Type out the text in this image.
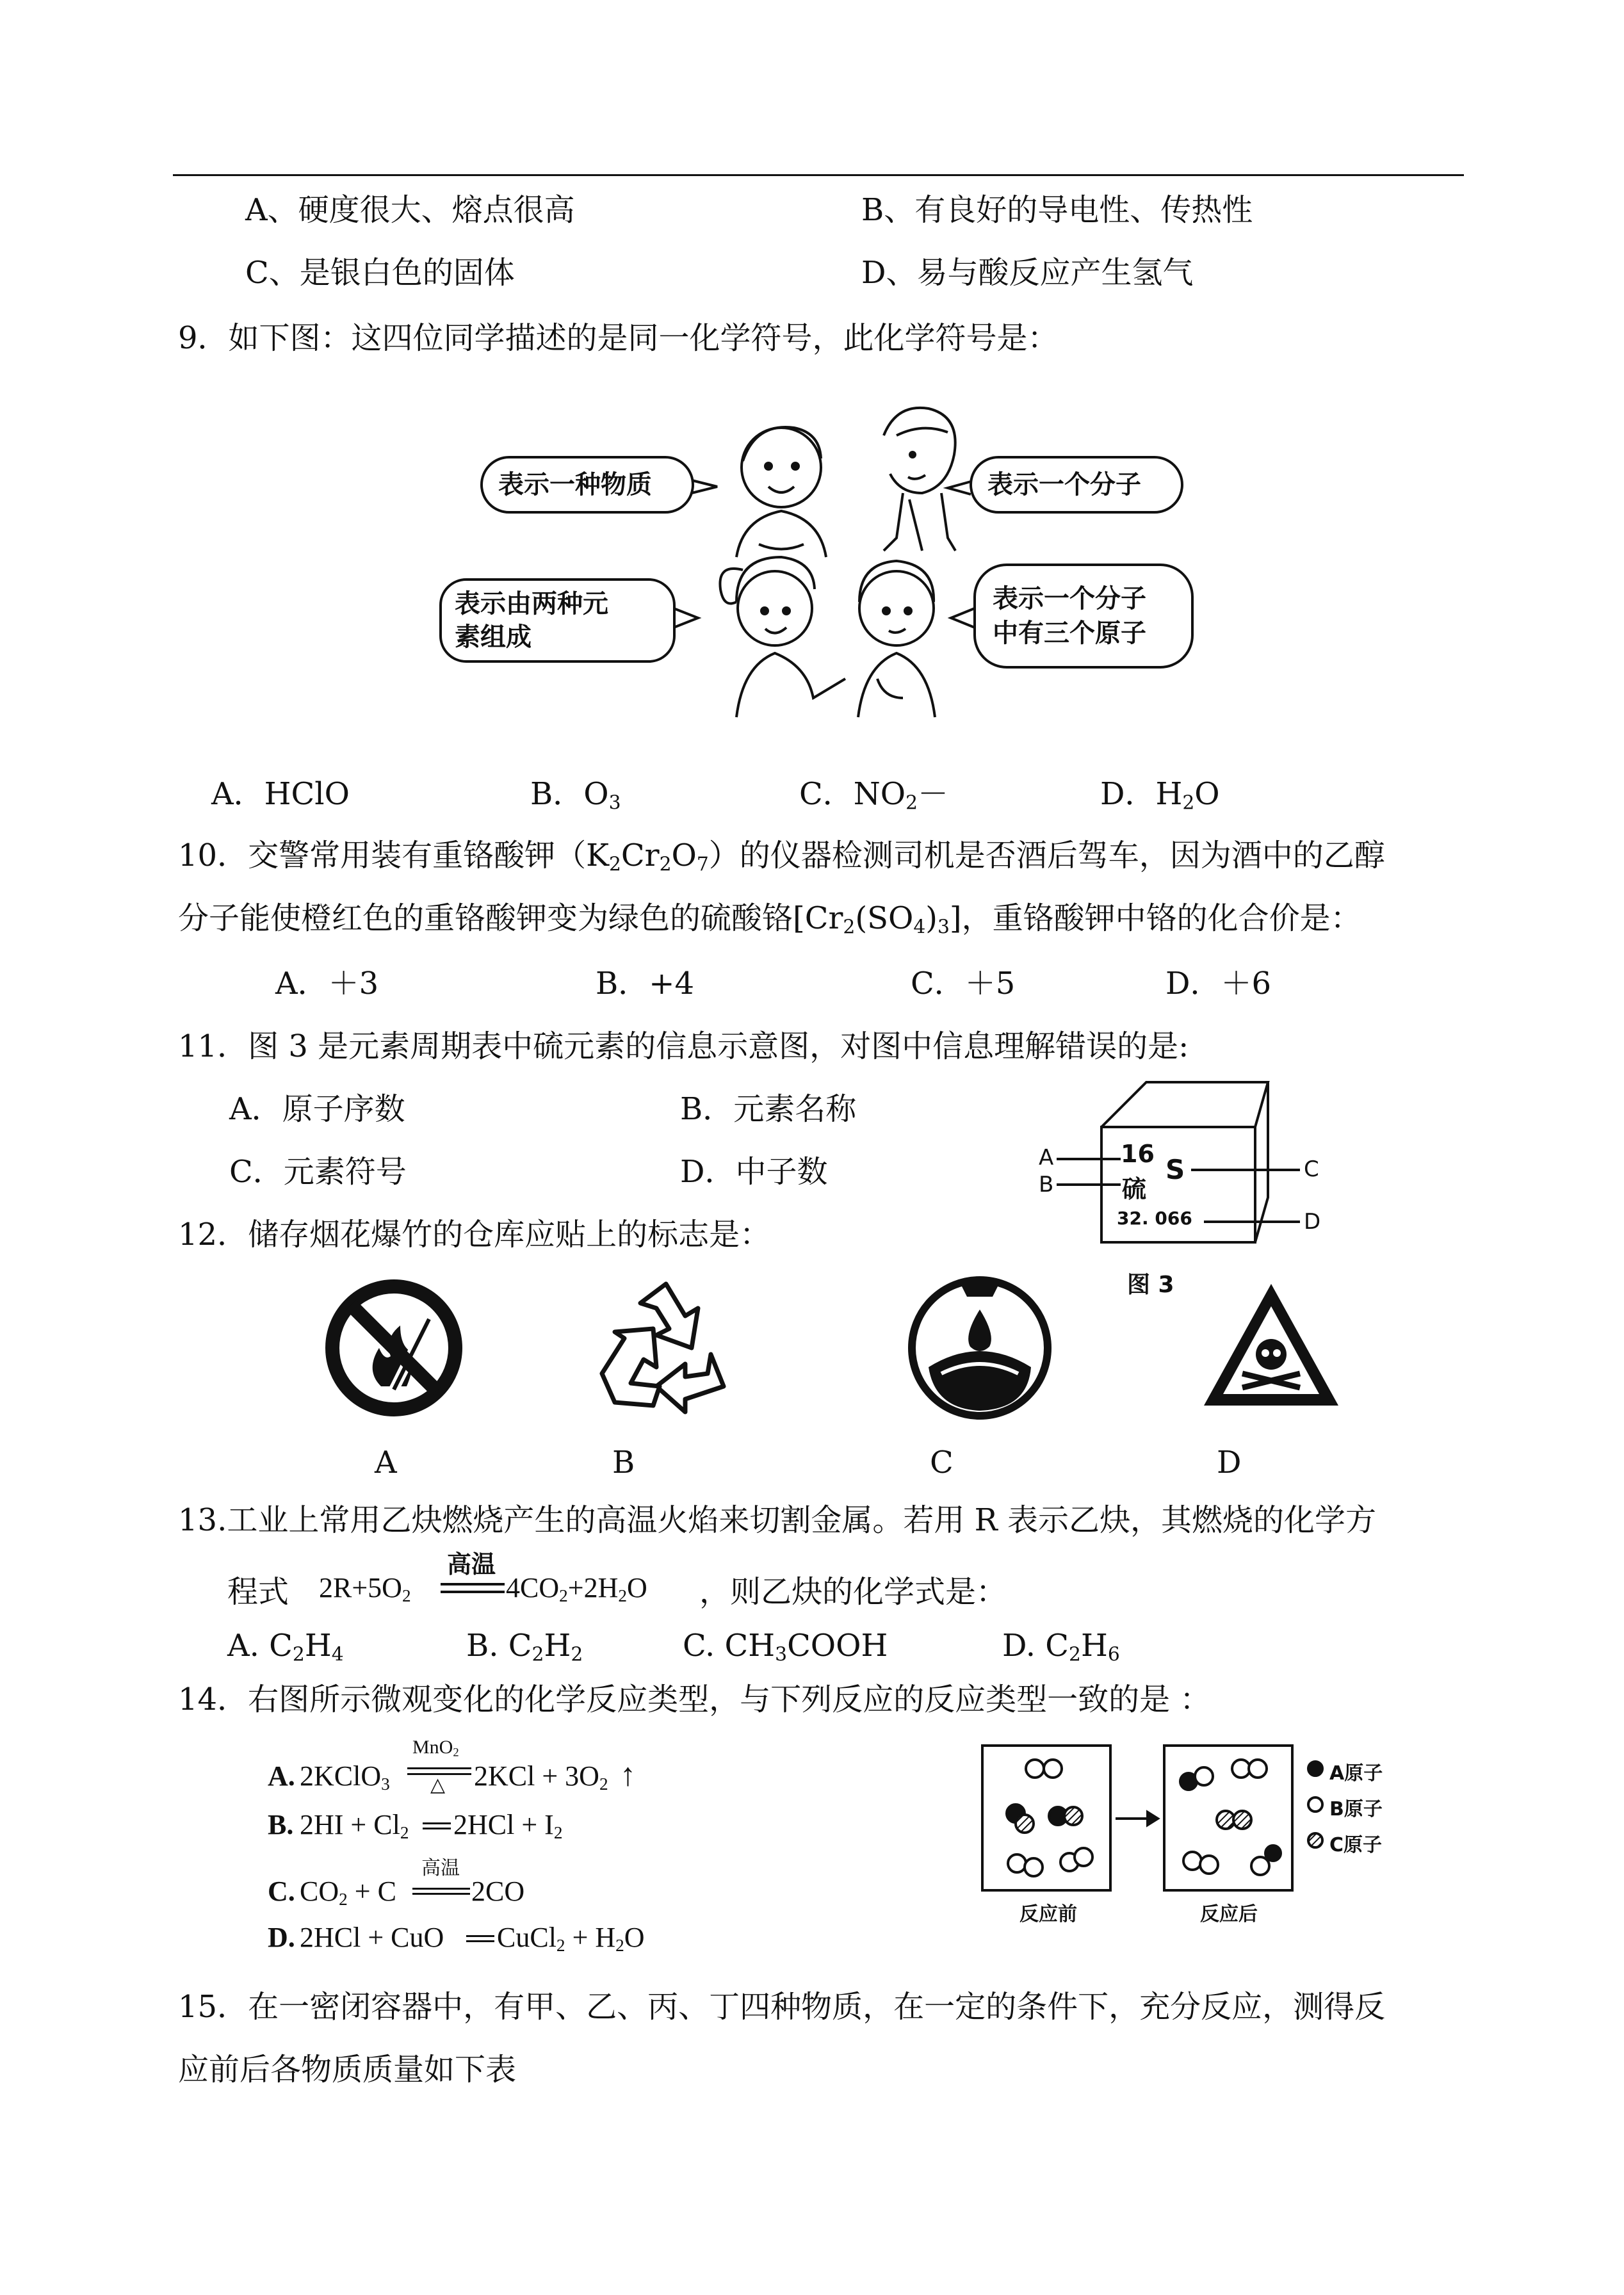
A、硬度很大、熔点很高	B、有良好的导电性、传热性
C、是银白色的固体	D、易与酸反应产生氢气
9．如下图：这四位同学描述的是同一化学符号，此化学符号是：
表示一种物质	表示一个分子
表示由两种元
素组成
表示一个分子
中有三个原子
A．HClO	B．$O_3$	C．$NO_2-$	D．$H_2O$
10．交警常用装有重铬酸钾$(K_2Cr_2O_7)$的仪器检测司机是否酒后驾车，因为酒中的乙醇
分子能使橙红色的重铬酸钾变为绿色的硫酸铬$[Cr_2(SO_4)_3]$，重铬酸钾中铬的化合价是：
A．＋3	B．+4	C．＋5	D．＋6
11．图 3 是元素周期表中硫元素的信息示意图，对图中信息理解错误的是:
A．原子序数	B．元素名称
C．元素符号	D．中子数	16
硫
S
32. 066
A
B
C
D
图 3
12．储存烟花爆竹的仓库应贴上的标志是：
A	B	C	D
13.工业上常用乙炔燃烧产生的高温火焰来切割金属。若用 R 表示乙炔，其燃烧的化学方
程式 $2R+5O_2$
高温
$4CO_2+2H_2O$ ，则乙炔的化学式是：
A. $C_2H_4$	B. $C_2H_2$	C. $CH_3COOH$	D. $C_2H_6$
14．右图所示微观变化的化学反应类型，与下列反应的反应类型一致的是 ：
A. 2KClO$_3$
MnO$_2$
△ $2KCl + 3O_2$ ↑
B. $2HI + Cl_2$ $2HCl + I_2$
C. $CO_2 + C$
高温
2CO
D. 2HCl + CuO CuCl$_2$ + $H_2O$
A原子
B原子
C原子
反应前	反应后
15．在一密闭容器中，有甲、乙、丙、丁四种物质，在一定的条件下，充分反应，测得反
应前后各物质质量如下表
